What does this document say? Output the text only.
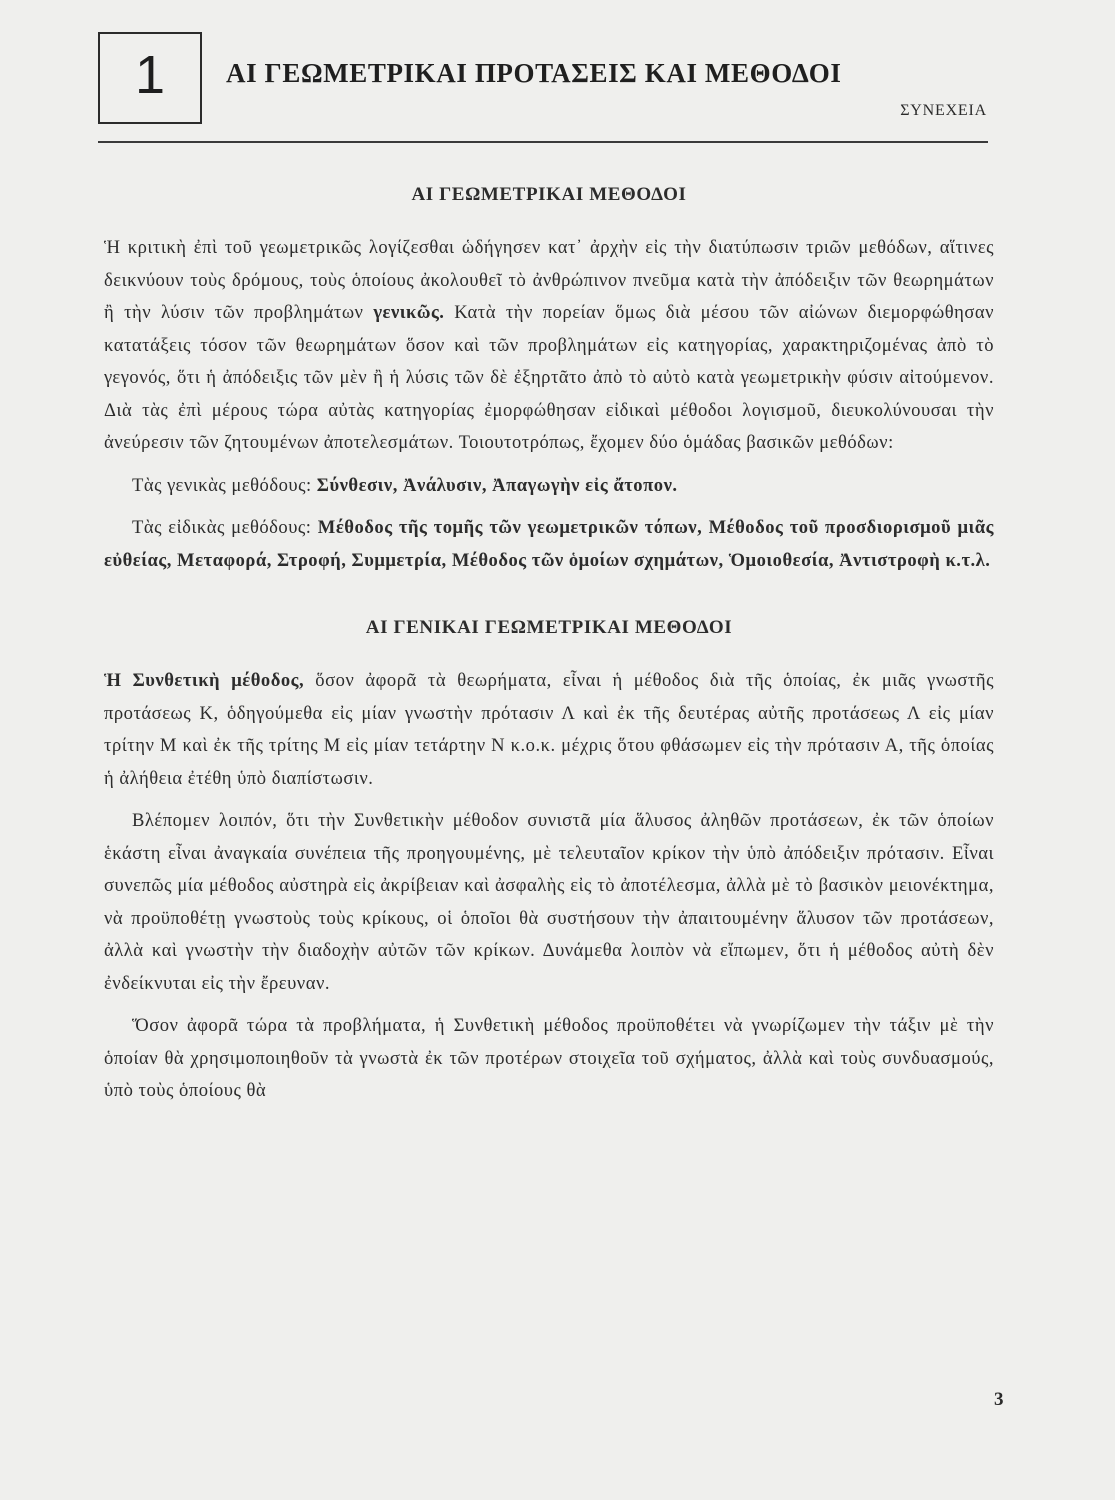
1	ΑΙ ΓΕΩΜΕΤΡΙΚΑΙ ΠΡΟΤΑΣΕΙΣ ΚΑΙ ΜΕΘΟΔΟΙ
ΣΥΝΕΧΕΙΑ
ΑΙ ΓΕΩΜΕΤΡΙΚΑΙ ΜΕΘΟΔΟΙ

Ἡ κριτικὴ ἐπὶ τοῦ γεωμετρικῶς λογίζεσθαι ὡδήγησεν κατ᾽ ἀρχὴν εἰς τὴν διατύπωσιν τριῶν μεθόδων, αἵτινες δεικνύουν τοὺς δρόμους, τοὺς ὁποίους ἀκολουθεῖ τὸ ἀνθρώπινον πνεῦμα κατὰ τὴν ἀπόδειξιν τῶν θεωρημάτων ἢ τὴν λύσιν τῶν προβλημάτων γενικῶς. Κατὰ τὴν πορείαν ὅμως διὰ μέσου τῶν αἰώνων διεμορφώθησαν κατατάξεις τόσον τῶν θεωρημάτων ὅσον καὶ τῶν προβλημάτων εἰς κατηγορίας, χαρακτηριζομένας ἀπὸ τὸ γεγονός, ὅτι ἡ ἀπόδειξις τῶν μὲν ἢ ἡ λύσις τῶν δὲ ἐξηρτᾶτο ἀπὸ τὸ αὐτὸ κατὰ γεωμετρικὴν φύσιν αἰτούμενον. Διὰ τὰς ἐπὶ μέρους τώρα αὐτὰς κατηγορίας ἐμορφώθησαν εἰδικαὶ μέθοδοι λογισμοῦ, διευκολύνουσαι τὴν ἀνεύρεσιν τῶν ζητουμένων ἀποτελεσμάτων. Τοιουτοτρόπως, ἔχομεν δύο ὁμάδας βασικῶν μεθόδων:

Τὰς γενικὰς μεθόδους: Σύνθεσιν, Ἀνάλυσιν, Ἀπαγωγὴν εἰς ἄτοπον.

Τὰς εἰδικὰς μεθόδους: Μέθοδος τῆς τομῆς τῶν γεωμετρικῶν τόπων, Μέθοδος τοῦ προσδιορισμοῦ μιᾶς εὐθείας, Μεταφορά, Στροφή, Συμμετρία, Μέθοδος τῶν ὁμοίων σχημάτων, Ὁμοιοθεσία, Ἀντιστροφὴ κ.τ.λ.

ΑΙ ΓΕΝΙΚΑΙ ΓΕΩΜΕΤΡΙΚΑΙ ΜΕΘΟΔΟΙ

Ἡ Συνθετικὴ μέθοδος, ὅσον ἀφορᾶ τὰ θεωρήματα, εἶναι ἡ μέθοδος διὰ τῆς ὁποίας, ἐκ μιᾶς γνωστῆς προτάσεως Κ, ὁδηγούμεθα εἰς μίαν γνωστὴν πρότασιν Λ καὶ ἐκ τῆς δευτέρας αὐτῆς προτάσεως Λ εἰς μίαν τρίτην Μ καὶ ἐκ τῆς τρίτης Μ εἰς μίαν τετάρτην Ν κ.ο.κ. μέχρις ὅτου φθάσωμεν εἰς τὴν πρότασιν Α, τῆς ὁποίας ἡ ἀλήθεια ἐτέθη ὑπὸ διαπίστωσιν.

Βλέπομεν λοιπόν, ὅτι τὴν Συνθετικὴν μέθοδον συνιστᾶ μία ἅλυσος ἀληθῶν προτάσεων, ἐκ τῶν ὁποίων ἑκάστη εἶναι ἀναγκαία συνέπεια τῆς προηγουμένης, μὲ τελευταῖον κρίκον τὴν ὑπὸ ἀπόδειξιν πρότασιν. Εἶναι συνεπῶς μία μέθοδος αὐστηρὰ εἰς ἀκρίβειαν καὶ ἀσφαλὴς εἰς τὸ ἀποτέλεσμα, ἀλλὰ μὲ τὸ βασικὸν μειονέκτημα, νὰ προϋποθέτῃ γνωστοὺς τοὺς κρίκους, οἱ ὁποῖοι θὰ συστήσουν τὴν ἀπαιτουμένην ἅλυσον τῶν προτάσεων, ἀλλὰ καὶ γνωστὴν τὴν διαδοχὴν αὐτῶν τῶν κρίκων. Δυνάμεθα λοιπὸν νὰ εἴπωμεν, ὅτι ἡ μέθοδος αὐτὴ δὲν ἐνδείκνυται εἰς τὴν ἔρευναν.

Ὅσον ἀφορᾶ τώρα τὰ προβλήματα, ἡ Συνθετικὴ μέθοδος προϋποθέτει νὰ γνωρίζωμεν τὴν τάξιν μὲ τὴν ὁποίαν θὰ χρησιμοποιηθοῦν τὰ γνωστὰ ἐκ τῶν προτέρων στοιχεῖα τοῦ σχήματος, ἀλλὰ καὶ τοὺς συνδυασμούς, ὑπὸ τοὺς ὁποίους θὰ

3
